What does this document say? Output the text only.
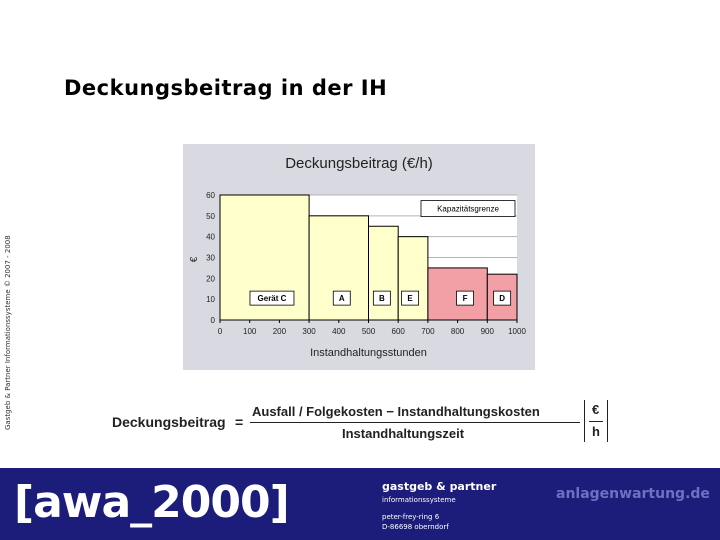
Gastgeb & Partner Informationssysteme © 2007 - 2008
Deckungsbeitrag in der IH
Deckungsbeitrag (€/h)
0
10
20
30
40
50
60
Gerät C	A	B	E	F	D
Kapazitätsgrenze
0	100 200 300 400 500 600 700 800 900 1000
Instandhaltungsstunden
€
Deckungsbeitrag =
Ausfall / Folgekosten − Instandhaltungskosten
Instandhaltungszeit
€
h
[awa_2000]	gastgeb & partner
informationssysteme
peter-frey-ring 6
D-86698 oberndorf
anlagenwartung.de
